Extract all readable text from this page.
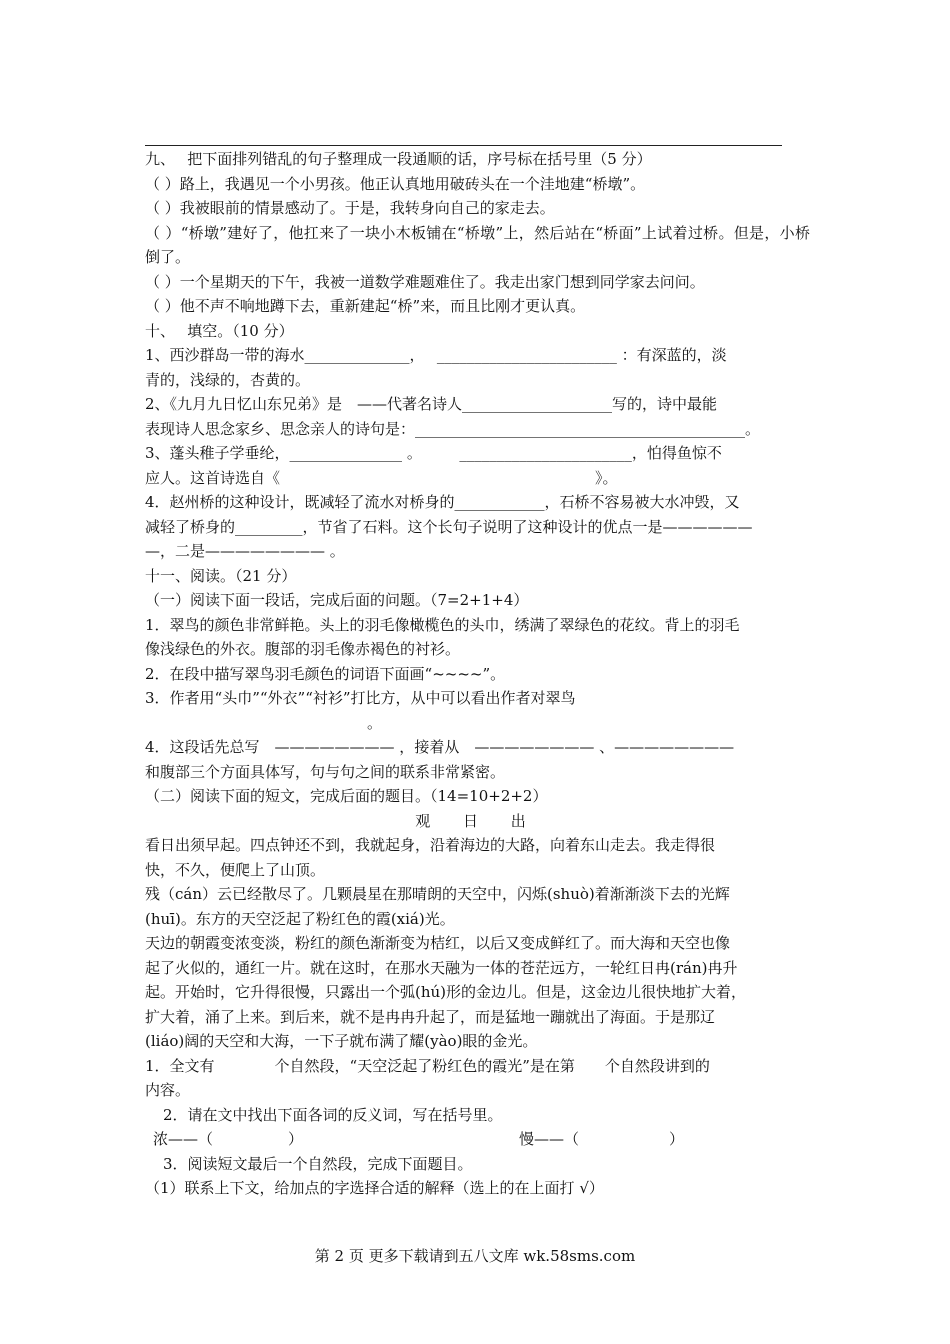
九、　 把下面排列错乱的句子整理成一段通顺的话，序号标在括号里（5 分）
（ ）路上，我遇见一个小男孩。他正认真地用破砖头在一个洼地建“桥墩”。
（ ）我被眼前的情景感动了。于是，我转身向自己的家走去。
（ ）“桥墩”建好了，他扛来了一块小木板铺在“桥墩”上，然后站在“桥面”上试着过桥。但是，小桥倒了。
（ ）一个星期天的下午，我被一道数学难题难住了。我走出家门想到同学家去问问。
（ ）他不声不响地蹲下去，重新建起“桥”来，而且比刚才更认真。
十、　 填空。（10 分）
1、西沙群岛一带的海水______________，　 ________________________ ：有深蓝的，淡
青的，浅绿的，杏黄的。
2、《九月九日忆山东兄弟》是　——代著名诗人____________________写的，诗中最能
表现诗人思念家乡、思念亲人的诗句是：____________________________________________。
3、蓬头稚子学垂纶，_______________ 。　　　_______________________，怕得鱼惊不
应人。这首诗选自《　　　　　　　　　　　　　　　　　　　　　》。
4．赵州桥的这种设计，既减轻了流水对桥身的____________，石桥不容易被大水冲毁，又
减轻了桥身的_________，节省了石料。这个长句子说明了这种设计的优点一是——————
—，二是———————— 。
十一、阅读。（21 分）
（一）阅读下面一段话，完成后面的问题。（7=2+1+4）
1．翠鸟的颜色非常鲜艳。头上的羽毛像橄榄色的头巾，绣满了翠绿色的花纹。背上的羽毛
像浅绿色的外衣。腹部的羽毛像赤褐色的衬衫。
2．在段中描写翠鸟羽毛颜色的词语下面画“~~~~”。
3．作者用“头巾”“外衣”“衬衫”打比方，从中可以看出作者对翠鸟
。
4．这段话先总写　———————— ，接着从　———————— 、————————
和腹部三个方面具体写，句与句之间的联系非常紧密。
（二）阅读下面的短文，完成后面的题目。（14=10+2+2）
观 日 出
看日出须早起。四点钟还不到，我就起身，沿着海边的大路，向着东山走去。我走得很
快，不久，便爬上了山顶。
残（cán）云已经散尽了。几颗晨星在那晴朗的天空中，闪烁(shuò)着渐渐淡下去的光辉
(huī)。东方的天空泛起了粉红色的霞(xiá)光。
天边的朝霞变浓变淡，粉红的颜色渐渐变为桔红，以后又变成鲜红了。而大海和天空也像
起了火似的，通红一片。就在这时，在那水天融为一体的苍茫远方，一轮红日冉(rán)冉升
起。开始时，它升得很慢，只露出一个弧(hú)形的金边儿。但是，这金边儿很快地扩大着，
扩大着，涌了上来。到后来，就不是冉冉升起了，而是猛地一蹦就出了海面。于是那辽
(liáo)阔的天空和大海，一下子就布满了耀(yào)眼的金光。
1．全文有　　　　个自然段，“天空泛起了粉红色的霞光”是在第　　个自然段讲到的
内容。
2．请在文中找出下面各词的反义词，写在括号里。
浓——（　　　　　）	慢——（　　　　　　）
3．阅读短文最后一个自然段，完成下面题目。
（1）联系上下文，给加点的字选择合适的解释（选上的在上面打 √）
第 2 页 更多下载请到五八文库 wk.58sms.com
